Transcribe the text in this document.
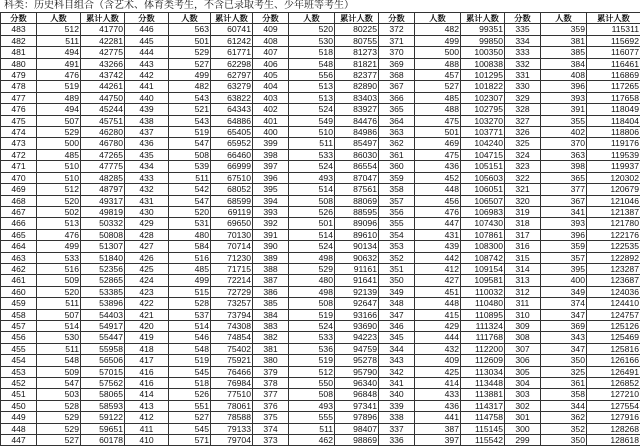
科类：历史科目组合（含艺术、体育类考生，不含已录取考生、少年班等考生）
分数	人数	累计人数	分数	人数	累计人数	分数	人数	累计人数	分数	人数	累计人数	分数	人数	累计人数
483	512	41770	446	563	60741	409	520	80225	372	482	99351	335	359	115311
482	511	42281	445	501	61242	408	530	80755	371	499	99850	334	381	115692
481	494	42775	444	529	61771	407	518	81273	370	500	100350	333	385	116077
480	491	43266	443	527	62298	406	548	81821	369	488	100838	332	384	116461
479	476	43742	442	499	62797	405	556	82377	368	457	101295	331	408	116869
478	519	44261	441	482	63279	404	513	82890	367	527	101822	330	396	117265
477	489	44750	440	543	63822	403	513	83403	366	485	102307	329	393	117658
476	494	45244	439	521	64343	402	524	83927	365	488	102795	328	391	118049
475	507	45751	438	543	64886	401	549	84476	364	475	103270	327	355	118404
474	529	46280	437	519	65405	400	510	84986	363	501	103771	326	402	118806
473	500	46780	436	547	65952	399	511	85497	362	469	104240	325	370	119176
472	485	47265	435	508	66460	398	533	86030	361	475	104715	324	363	119539
471	510	47775	434	539	66999	397	524	86554	360	436	105151	323	398	119937
470	510	48285	433	511	67510	396	493	87047	359	452	105603	322	365	120302
469	512	48797	432	542	68052	395	514	87561	358	448	106051	321	377	120679
468	520	49317	431	547	68599	394	508	88069	357	456	106507	320	367	121046
467	502	49819	430	520	69119	393	526	88595	356	476	106983	319	341	121387
466	513	50332	429	531	69650	392	501	89096	355	447	107430	318	393	121780
465	476	50808	428	480	70130	391	514	89610	354	431	107861	317	396	122176
464	499	51307	427	584	70714	390	524	90134	353	439	108300	316	359	122535
463	533	51840	426	516	71230	389	498	90632	352	442	108742	315	357	122892
462	516	52356	425	485	71715	388	529	91161	351	412	109154	314	395	123287
461	509	52865	424	499	72214	387	480	91641	350	427	109581	313	400	123687
460	520	53385	423	515	72729	386	498	92139	349	451	110032	312	349	124036
459	511	53896	422	528	73257	385	508	92647	348	448	110480	311	374	124410
458	507	54403	421	537	73794	384	519	93166	347	415	110895	310	347	124757
457	514	54917	420	514	74308	383	524	93690	346	429	111324	309	369	125126
456	530	55447	419	546	74854	382	533	94223	345	444	111768	308	343	125469
455	511	55958	418	548	75402	381	536	94759	344	432	112200	307	347	125816
454	548	56506	417	519	75921	380	519	95278	343	409	112609	306	350	126166
453	509	57015	416	545	76466	379	512	95790	342	425	113034	305	325	126491
452	547	57562	416	518	76984	378	550	96340	341	414	113448	304	361	126852
451	503	58065	414	526	77510	377	508	96848	340	433	113881	303	358	127210
450	528	58593	413	551	78061	376	493	97341	339	436	114317	302	344	127554
449	529	59122	412	527	78588	375	555	97896	338	441	114758	301	362	127916
448	529	59651	411	545	79133	374	511	98407	337	387	115145	300	352	128268
447	527	60178	410	571	79704	373	462	98869	336	397	115542	299	350	128618
